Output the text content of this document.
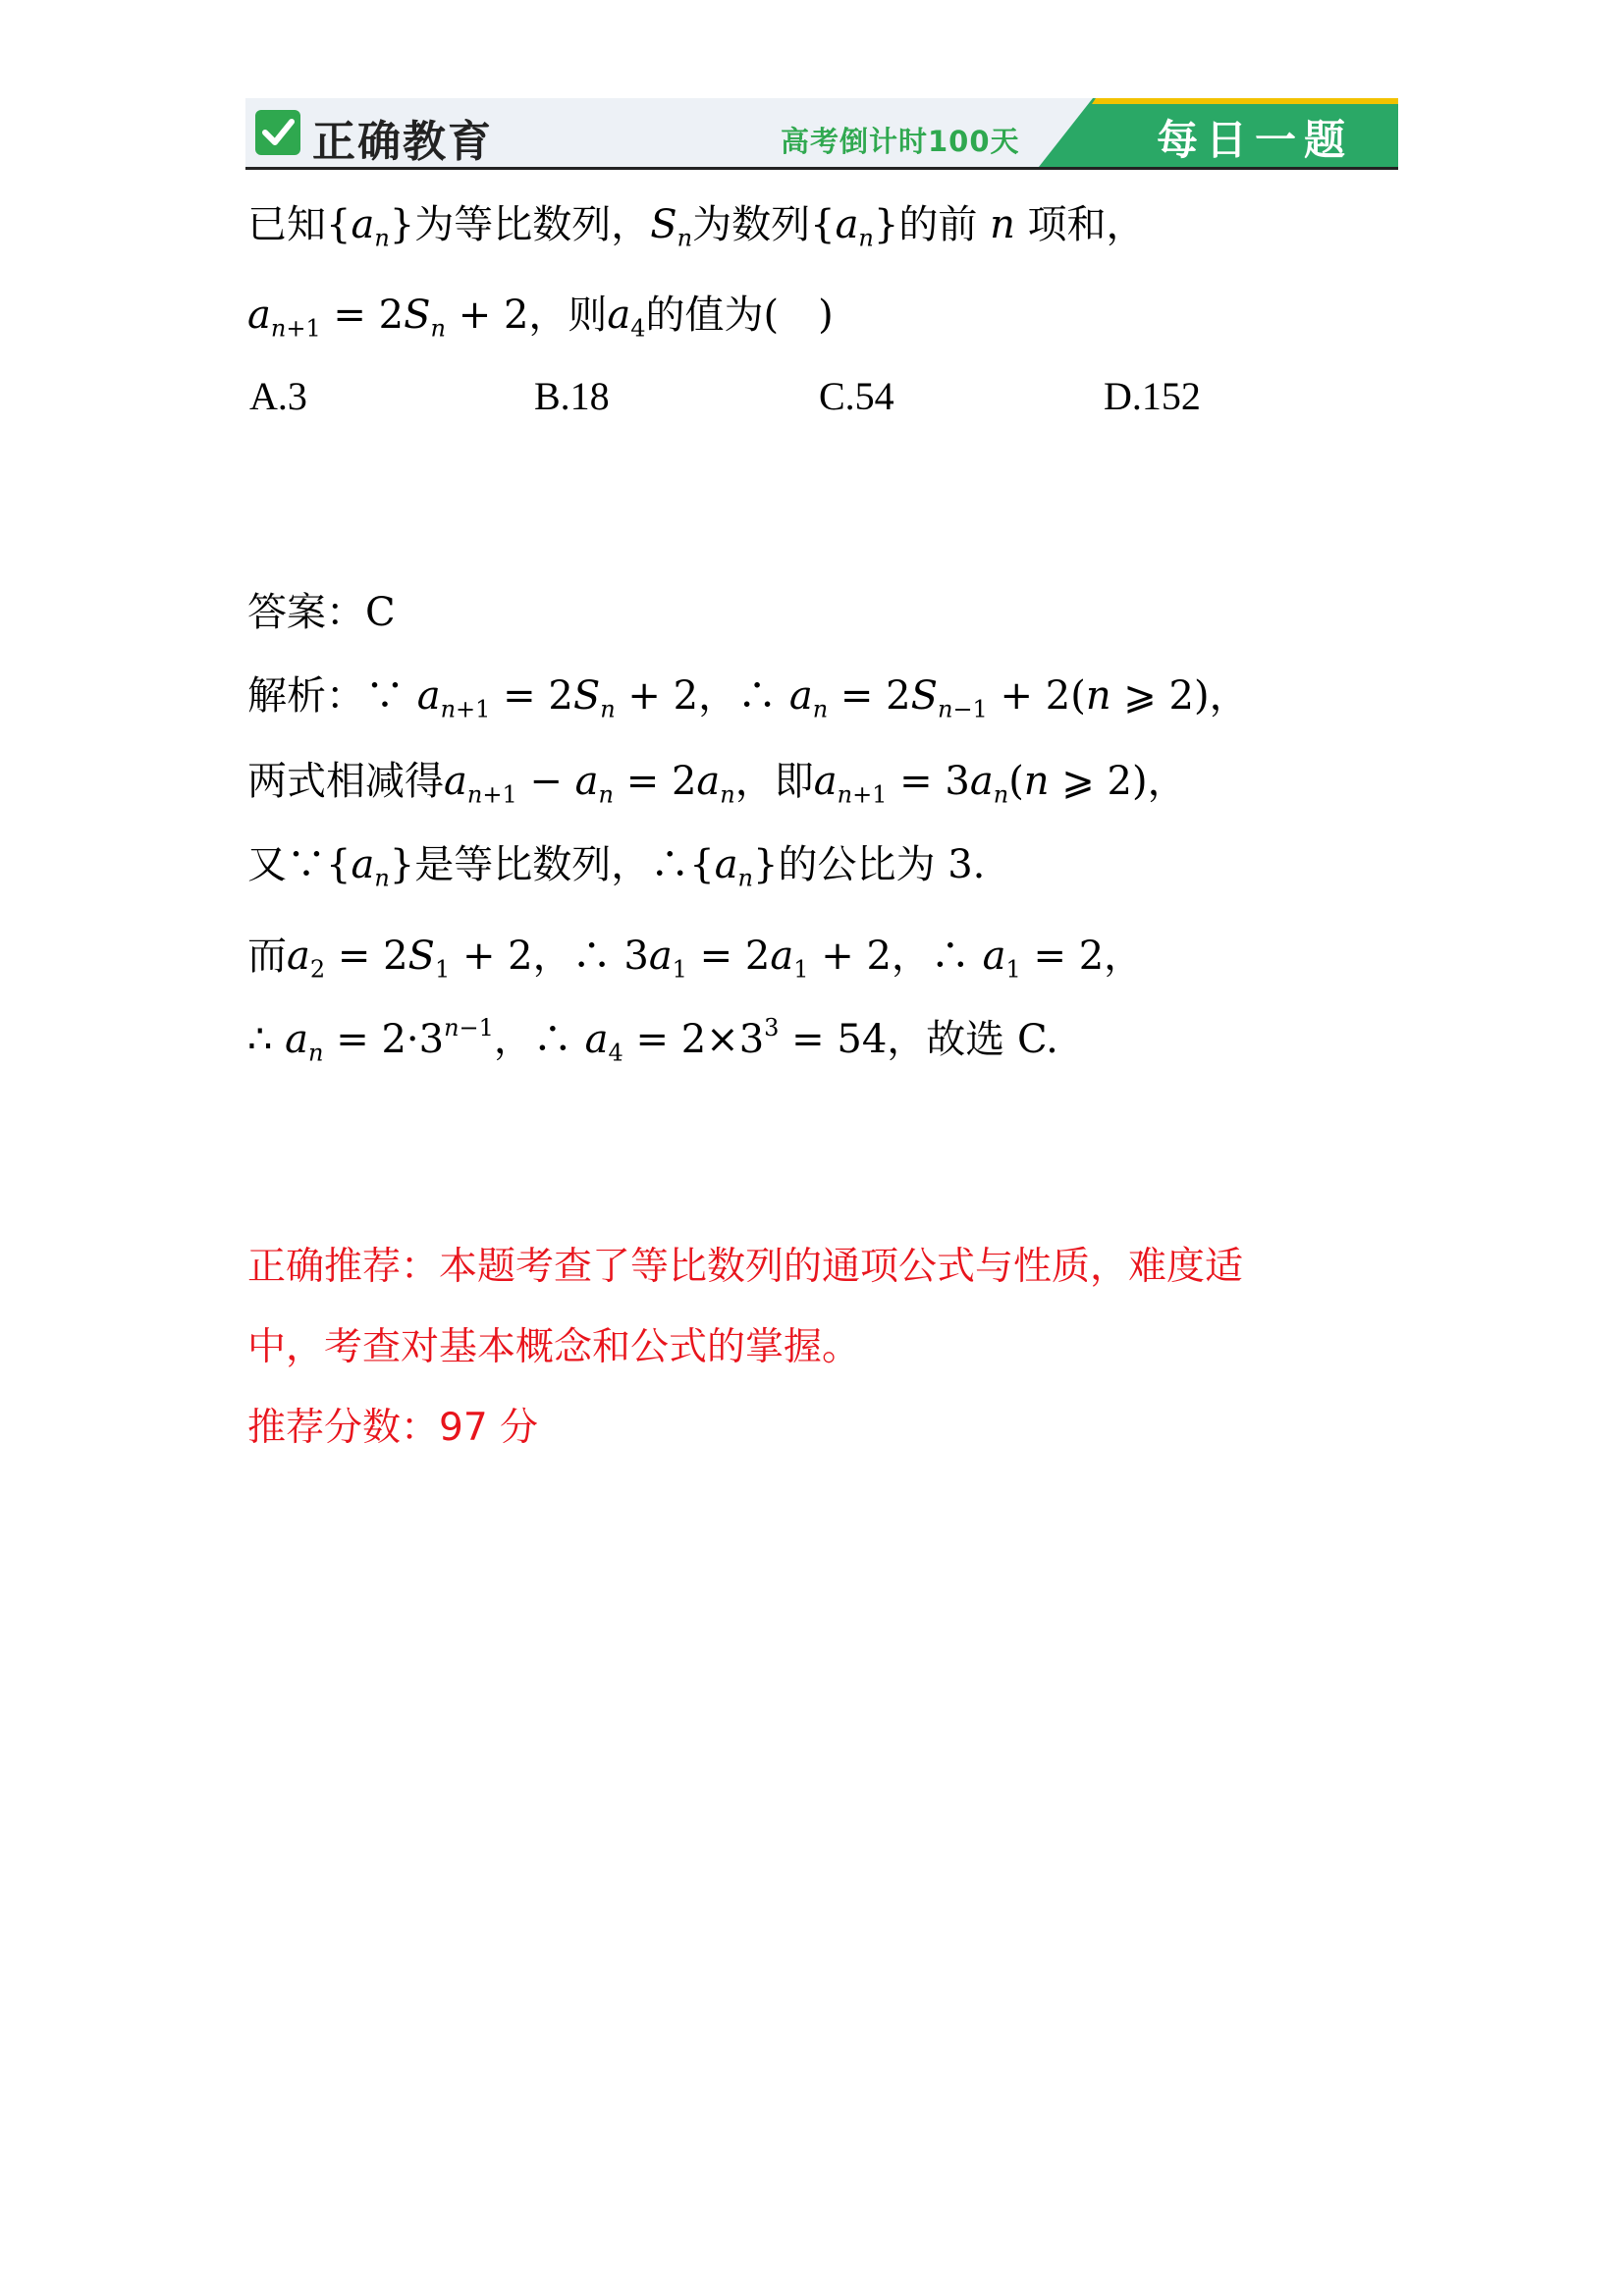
正确教育	高考倒计时100天	每日一题
已知$\{a_n\}$为等比数列，$S_n$为数列$\{a_n\}$的前 n 项和，
$a_{n+1} = 2S_n + 2$，则$a_4$的值为(　)
A.3	B.18	C.54	D.152
答案：C
解析：∵ $a_{n+1} = 2S_n + 2$，∴ $a_n = 2S_{n-1} + 2(n$ ⩾ 2)，
两式相减得$a_{n+1} - a_n = 2a_n$，即$a_{n+1} = 3a_n(n$ ⩾ 2)，
又$\because\{a_n\}$是等比数列，$\therefore\{a_n\}$的公比为 3.
而$a_2 = 2S_1 + 2$，∴ $3a_1 = 2a_1 + 2$，∴ $a_1 = 2$，
∴ $a_n = 2\cdot 3^{n-1}$，∴ $a_4 = 2\times 3^3 = 54$，故选 C.
正确推荐：本题考查了等比数列的通项公式与性质，难度适
中，考查对基本概念和公式的掌握。
推荐分数：97 分
